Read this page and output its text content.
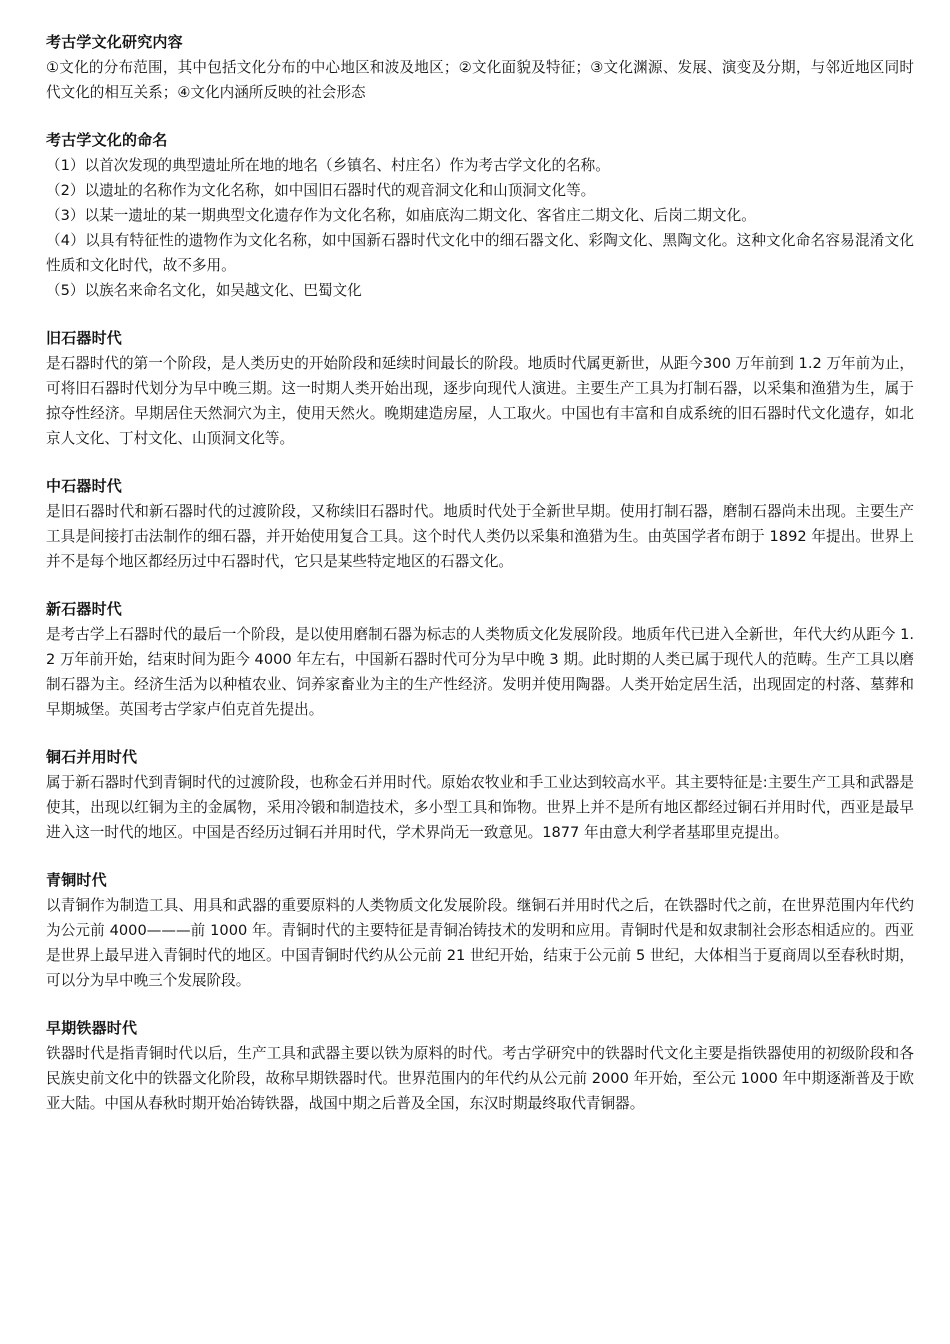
考古学文化研究内容
①文化的分布范围，其中包括文化分布的中心地区和波及地区；②文化面貌及特征；③文化渊源、发展、演变及分期，与邻近地区同时代文化的相互关系；④文化内涵所反映的社会形态
考古学文化的命名
（1）以首次发现的典型遗址所在地的地名（乡镇名、村庄名）作为考古学文化的名称。
（2）以遗址的名称作为文化名称，如中国旧石器时代的观音洞文化和山顶洞文化等。
（3）以某一遗址的某一期典型文化遗存作为文化名称，如庙底沟二期文化、客省庄二期文化、后岗二期文化。
（4）以具有特征性的遗物作为文化名称，如中国新石器时代文化中的细石器文化、彩陶文化、黑陶文化。这种文化命名容易混淆文化性质和文化时代，故不多用。
（5）以族名来命名文化，如吴越文化、巴蜀文化
旧石器时代
是石器时代的第一个阶段，是人类历史的开始阶段和延续时间最长的阶段。地质时代属更新世，从距今300 万年前到 1.2 万年前为止，可将旧石器时代划分为早中晚三期。这一时期人类开始出现，逐步向现代人演进。主要生产工具为打制石器，以采集和渔猎为生，属于掠夺性经济。早期居住天然洞穴为主，使用天然火。晚期建造房屋，人工取火。中国也有丰富和自成系统的旧石器时代文化遗存，如北京人文化、丁村文化、山顶洞文化等。
中石器时代
是旧石器时代和新石器时代的过渡阶段，又称续旧石器时代。地质时代处于全新世早期。使用打制石器，磨制石器尚未出现。主要生产工具是间接打击法制作的细石器，并开始使用复合工具。这个时代人类仍以采集和渔猎为生。由英国学者布朗于 1892 年提出。世界上并不是每个地区都经历过中石器时代，它只是某些特定地区的石器文化。
新石器时代
是考古学上石器时代的最后一个阶段，是以使用磨制石器为标志的人类物质文化发展阶段。地质年代已进入全新世，年代大约从距今 1.2 万年前开始，结束时间为距今 4000 年左右，中国新石器时代可分为早中晚 3 期。此时期的人类已属于现代人的范畴。生产工具以磨制石器为主。经济生活为以种植农业、饲养家畜业为主的生产性经济。发明并使用陶器。人类开始定居生活，出现固定的村落、墓葬和早期城堡。英国考古学家卢伯克首先提出。
铜石并用时代
属于新石器时代到青铜时代的过渡阶段，也称金石并用时代。原始农牧业和手工业达到较高水平。其主要特征是:主要生产工具和武器是使其，出现以红铜为主的金属物，采用冷锻和制造技术，多小型工具和饰物。世界上并不是所有地区都经过铜石并用时代，西亚是最早进入这一时代的地区。中国是否经历过铜石并用时代，学术界尚无一致意见。1877 年由意大利学者基耶里克提出。
青铜时代
以青铜作为制造工具、用具和武器的重要原料的人类物质文化发展阶段。继铜石并用时代之后，在铁器时代之前，在世界范围内年代约为公元前 4000———前 1000 年。青铜时代的主要特征是青铜冶铸技术的发明和应用。青铜时代是和奴隶制社会形态相适应的。西亚是世界上最早进入青铜时代的地区。中国青铜时代约从公元前 21 世纪开始，结束于公元前 5 世纪，大体相当于夏商周以至春秋时期，可以分为早中晚三个发展阶段。
早期铁器时代
铁器时代是指青铜时代以后，生产工具和武器主要以铁为原料的时代。考古学研究中的铁器时代文化主要是指铁器使用的初级阶段和各民族史前文化中的铁器文化阶段，故称早期铁器时代。世界范围内的年代约从公元前 2000 年开始，至公元 1000 年中期逐渐普及于欧亚大陆。中国从春秋时期开始冶铸铁器，战国中期之后普及全国，东汉时期最终取代青铜器。
